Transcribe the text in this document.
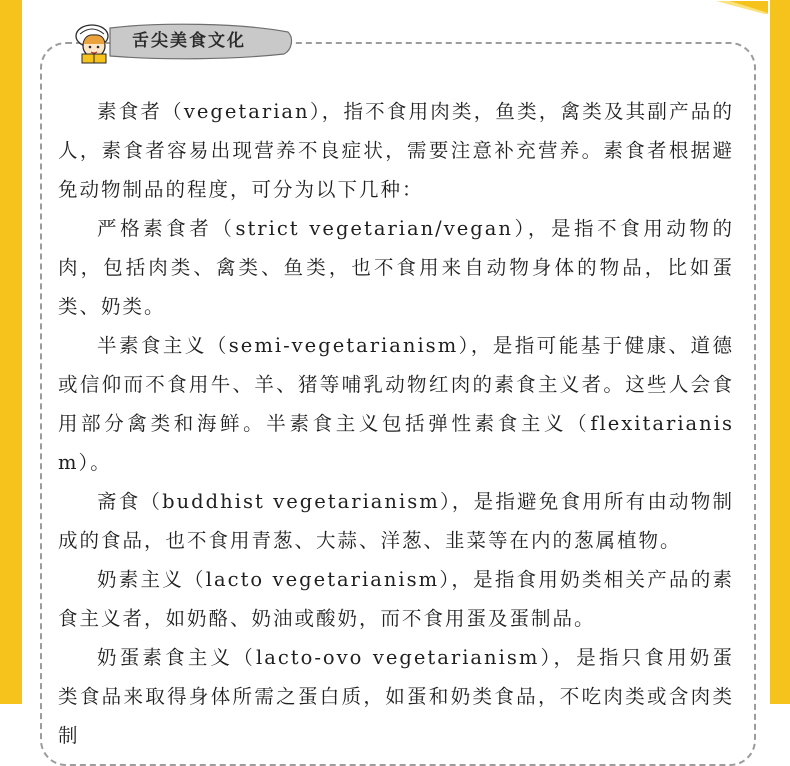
舌尖美食文化

素食者（vegetarian），指不食用肉类，鱼类，禽类及其副产品的人，素食者容易出现营养不良症状，需要注意补充营养。素食者根据避免动物制品的程度，可分为以下几种：

严格素食者（strict vegetarian/vegan），是指不食用动物的肉，包括肉类、禽类、鱼类，也不食用来自动物身体的物品，比如蛋类、奶类。

半素食主义（semi-vegetarianism），是指可能基于健康、道德或信仰而不食用牛、羊、猪等哺乳动物红肉的素食主义者。这些人会食用部分禽类和海鲜。半素食主义包括弹性素食主义（flexitarianism）。

斋食（buddhist vegetarianism），是指避免食用所有由动物制成的食品，也不食用青葱、大蒜、洋葱、韭菜等在内的葱属植物。

奶素主义（lacto vegetarianism），是指食用奶类相关产品的素食主义者，如奶酪、奶油或酸奶，而不食用蛋及蛋制品。

奶蛋素食主义（lacto-ovo vegetarianism），是指只食用奶蛋类食品来取得身体所需之蛋白质，如蛋和奶类食品，不吃肉类或含肉类制
